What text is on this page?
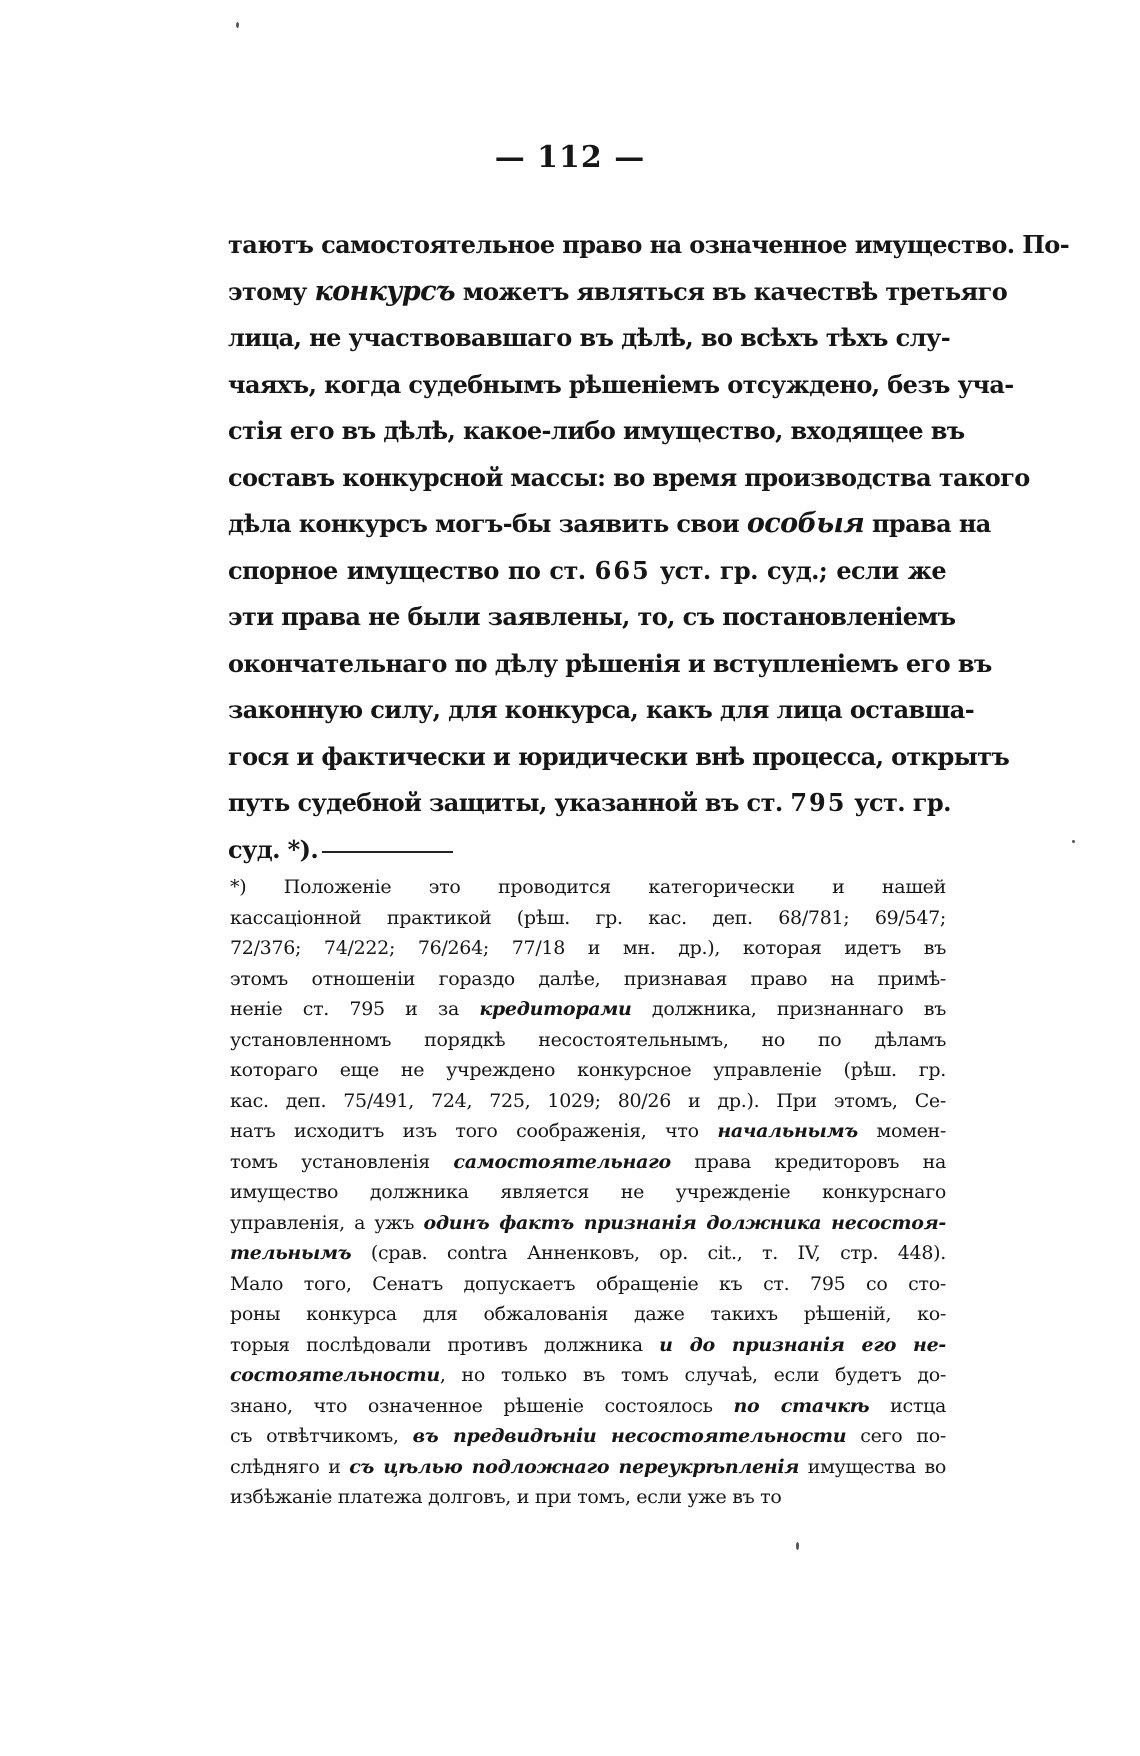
— 112 —
таютъ самостоятельное право на означенное имущество. По-
этому конкурсъ можетъ являться въ качествѣ третьяго
лица, не участвовавшаго въ дѣлѣ, во всѣхъ тѣхъ слу-
чаяхъ, когда судебнымъ рѣшеніемъ отсуждено, безъ уча-
стія его въ дѣлѣ, какое-либо имущество, входящее въ
составъ конкурсной массы: во время производства такого
дѣла конкурсъ могъ-бы заявить свои особыя права на
спорное имущество по ст. 665 уст. гр. суд.; если же
эти права не были заявлены, то, съ постановленіемъ
окончательнаго по дѣлу рѣшенія и вступленіемъ его въ
законную силу, для конкурса, какъ для лица оставша-
гося и фактически и юридически внѣ процесса, открытъ
путь судебной защиты, указанной въ ст. 795 уст. гр.
суд. *).
*) Положеніе это проводится категорически и нашей
кассаціонной практикой (рѣш. гр. кас. деп. 68/781; 69/547;
72/376; 74/222; 76/264; 77/18 и мн. др.), которая идетъ въ
этомъ отношеніи гораздо далѣе, признавая право на примѣ-
неніе ст. 795 и за кредиторами должника, признаннаго въ
установленномъ порядкѣ несостоятельнымъ, но по дѣламъ
котораго еще не учреждено конкурсное управленіе (рѣш. гр.
кас. деп. 75/491, 724, 725, 1029; 80/26 и др.). При этомъ, Се-
натъ исходитъ изъ того соображенія, что начальнымъ момен-
томъ установленія самостоятельнаго права кредиторовъ на
имущество должника является не учрежденіе конкурснаго
управленія, а ужъ одинъ фактъ признанія должника несостоя-
тельнымъ (срав. contra Анненковъ, op. cit., т. IV, стр. 448).
Мало того, Сенатъ допускаетъ обращеніе къ ст. 795 со сто-
роны конкурса для обжалованія даже такихъ рѣшеній, ко-
торыя послѣдовали противъ должника и до признанія его не-
состоятельности, но только въ томъ случаѣ, если будетъ до-
знано, что означенное рѣшеніе состоялось по стачкѣ истца
съ отвѣтчикомъ, въ предвидѣніи несостоятельности сего по-
слѣдняго и съ цѣлью подложнаго переукрѣпленія имущества во
избѣжаніе платежа долговъ, и при томъ, если уже въ то
